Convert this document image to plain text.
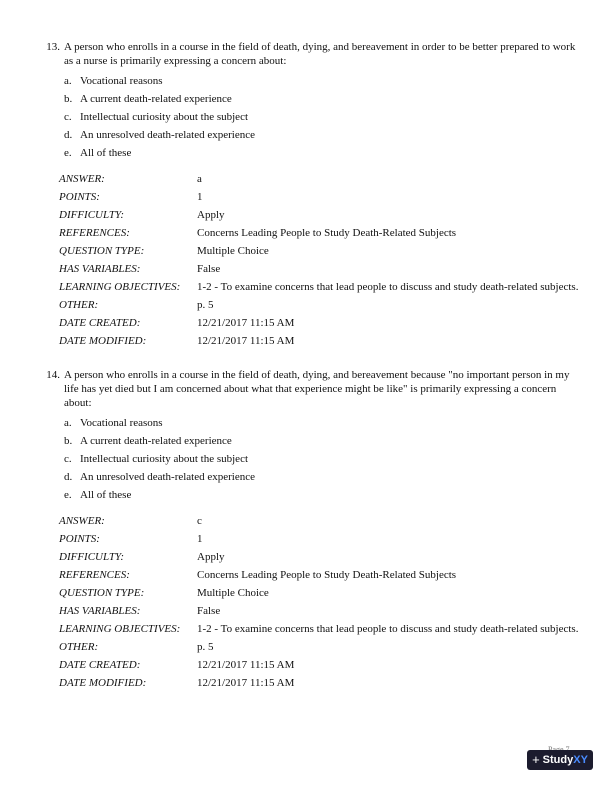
13. A person who enrolls in a course in the field of death, dying, and bereavement in order to be better prepared to work as a nurse is primarily expressing a concern about:
a. Vocational reasons
b. A current death-related experience
c. Intellectual curiosity about the subject
d. An unresolved death-related experience
e. All of these
ANSWER:	a
POINTS:	1
DIFFICULTY:	Apply
REFERENCES:	Concerns Leading People to Study Death-Related Subjects
QUESTION TYPE:	Multiple Choice
HAS VARIABLES:	False
LEARNING OBJECTIVES:	1-2 - To examine concerns that lead people to discuss and study death-related subjects.
OTHER:	p. 5
DATE CREATED:	12/21/2017 11:15 AM
DATE MODIFIED:	12/21/2017 11:15 AM
14. A person who enrolls in a course in the field of death, dying, and bereavement because "no important person in my life has yet died but I am concerned about what that experience might be like" is primarily expressing a concern about:
a. Vocational reasons
b. A current death-related experience
c. Intellectual curiosity about the subject
d. An unresolved death-related experience
e. All of these
ANSWER:	c
POINTS:	1
DIFFICULTY:	Apply
REFERENCES:	Concerns Leading People to Study Death-Related Subjects
QUESTION TYPE:	Multiple Choice
HAS VARIABLES:	False
LEARNING OBJECTIVES:	1-2 - To examine concerns that lead people to discuss and study death-related subjects.
OTHER:	p. 5
DATE CREATED:	12/21/2017 11:15 AM
DATE MODIFIED:	12/21/2017 11:15 AM
+ StudyXY
